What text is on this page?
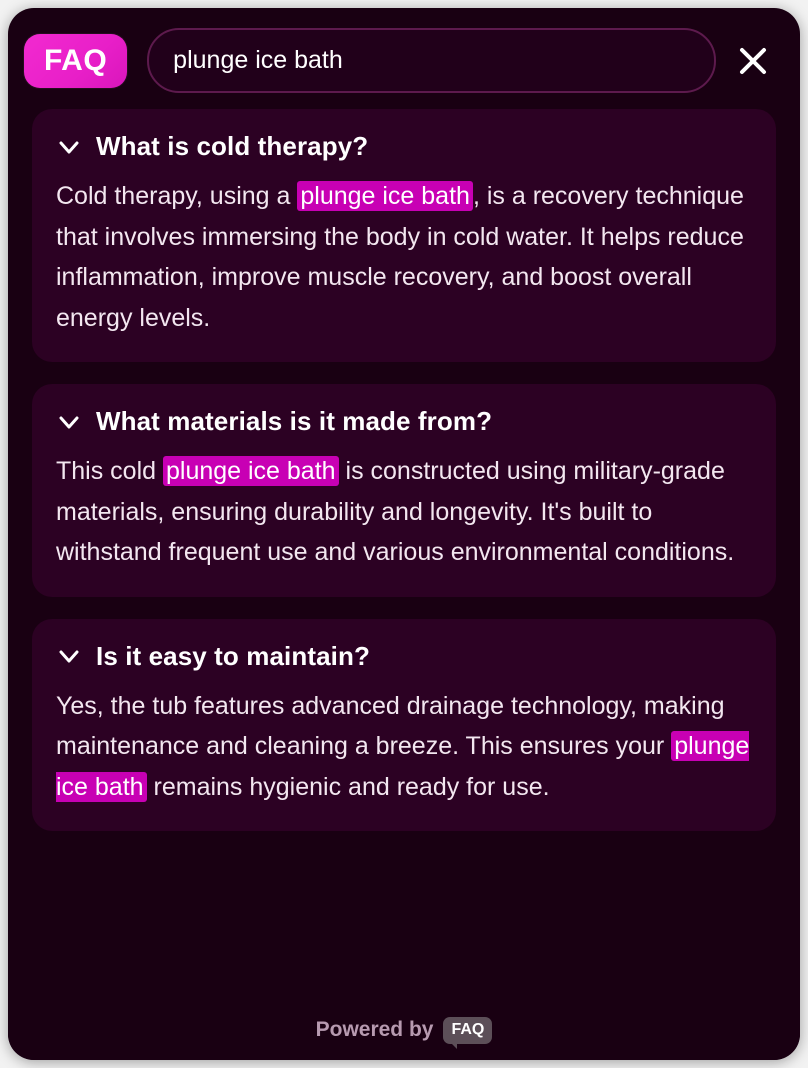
FAQ
plunge ice bath
What is cold therapy?
Cold therapy, using a plunge ice bath , is a recovery technique that involves immersing the body in cold water. It helps reduce inflammation, improve muscle recovery, and boost overall energy levels.
What materials is it made from?
This cold plunge ice bath is constructed using military-grade materials, ensuring durability and longevity. It's built to withstand frequent use and various environmental conditions.
Is it easy to maintain?
Yes, the tub features advanced drainage technology, making maintenance and cleaning a breeze. This ensures your plunge ice bath remains hygienic and ready for use.
Powered by	FAQ
